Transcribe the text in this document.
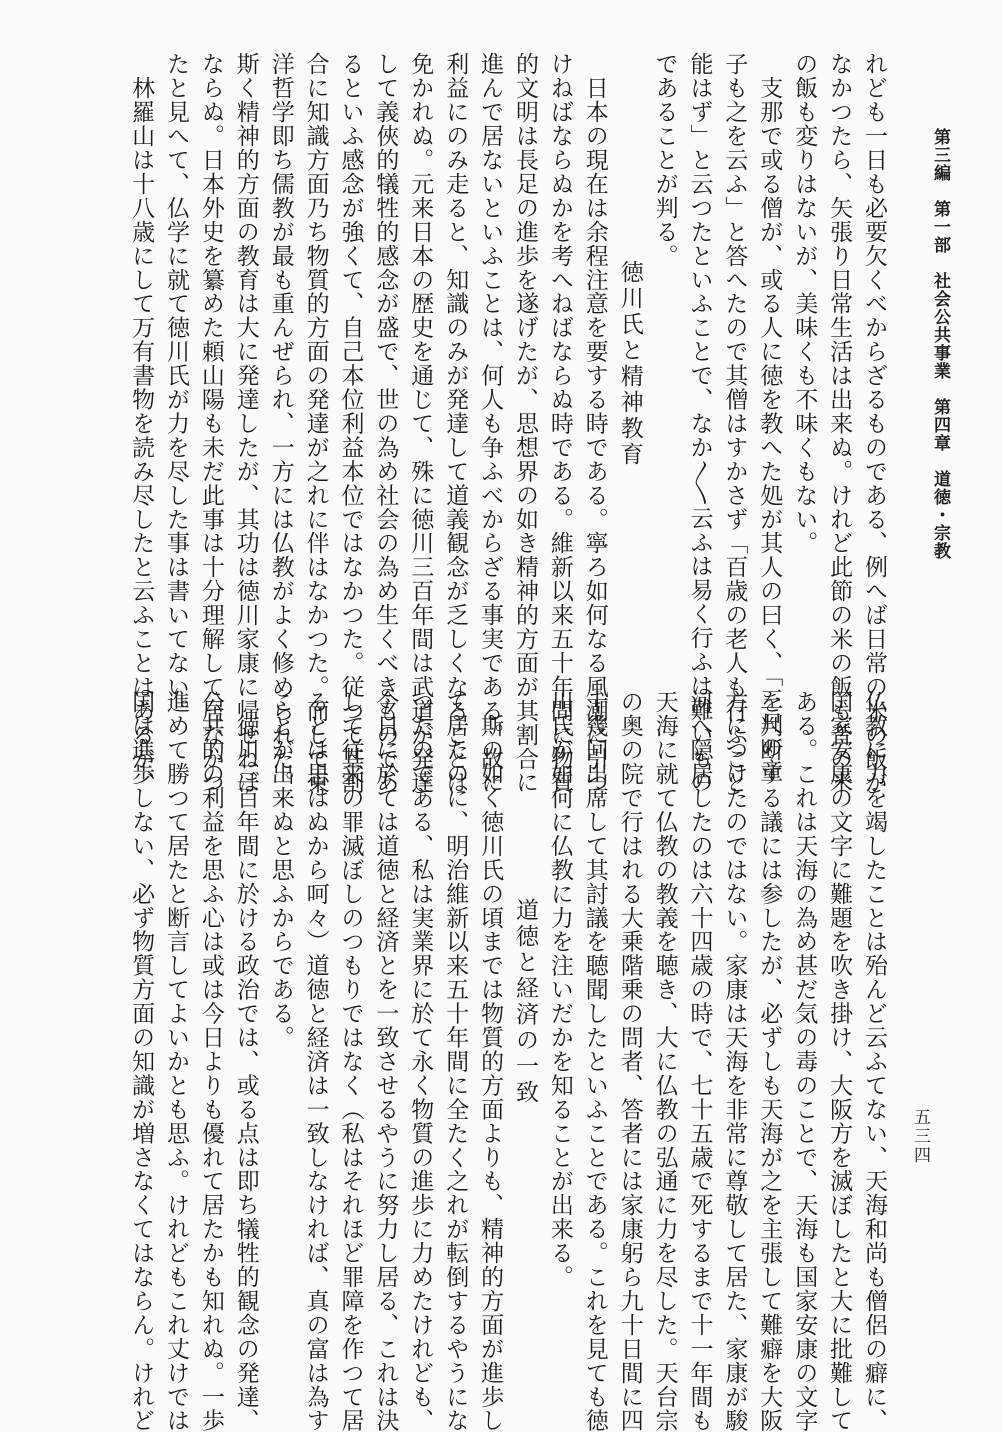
第三編　第一部　社会公共事業　第四章　道徳・宗教
五三四
れども一日も必要欠くべからざるものである、例へば日常の米の飯が
なかつたら、矢張り日常生活は出来ぬ。けれど此節の米の飯も昔の米
の飯も変りはないが、美味くも不味くもない。
　支那で或る僧が、或る人に徳を教へた処が其人の曰く、「三尺の童
子も之を云ふ」と答へたので其僧はすかさず「百歳の老人も行ふこと
能はず」と云つたといふことで、なか〳〵云ふは易く行ふは難いもの
であることが判る。
　　　　　　　　徳川氏と精神教育
　日本の現在は余程注意を要する時である。寧ろ如何なる風潮に引つ
けねばならぬかを考へねばならぬ時である。維新以来五十年間に物質
的文明は長足の進歩を遂げたが、思想界の如き精神的方面が其割合に
進んで居ないといふことは、何人も争ふべからざる事実である。故に
利益にのみ走ると、知識のみが発達して道義観念が乏しくなることは
免かれぬ。元来日本の歴史を通じて、殊に徳川三百年間は武道が発達
して義俠的犠牲的感念が盛で、世の為め社会の為め生くべきものであ
るといふ感念が強くて、自己本位利益本位ではなかつた。従つて其割
合に知識方面乃ち物質的方面の発達が之れに伴はなかつた。而して東
洋哲学即ち儒教が最も重んぜられ、一方には仏教がよく修められた。
斯く精神的方面の教育は大に発達したが、其功は徳川家康に帰せねば
ならぬ。日本外史を纂めた頼山陽も未だ此事は十分理解して居なかつ
たと見へて、仏学に就て徳川氏が力を尽した事は書いてない。
　林羅山は十八歳にして万有書物を読み尽したと云ふことはあるが、
仏教に力を竭したことは殆んど云ふてない、天海和尚も僧侶の癖に、
国家安康の文字に難題を吹き掛け、大阪方を滅ぼしたと大に批難して
ある。これは天海の為め甚だ気の毒のことで、天海も国家安康の文字
を判断する議には参したが、必ずしも天海が之を主張して難癖を大阪
方につけたのではない。家康は天海を非常に尊敬して居た、家康が駿
河へ隠居したのは六十四歳の時で、七十五歳で死するまで十一年間も
天海に就て仏教の教義を聴き、大に仏教の弘通に力を尽した。天台宗
の奥の院で行はれる大乗階乗の問者、答者には家康躬ら九十日間に四
十幾回出席して其討議を聴聞したといふことである。これを見ても徳
川氏が如何に仏教に力を注いだかを知ることが出来る。
　　　　　　　　道徳と経済の一致
　斯の如く徳川氏の頃までは物質的方面よりも、精神的方面が進歩し
て居たのに、明治維新以来五十年間に全たく之れが転倒するやうにな
つたのである、私は実業界に於て永く物質の進歩に力めたけれども、
今日に於ては道徳と経済とを一致させるやうに努力し居る、これは決
して従来の罪滅ぼしのつもりではなく（私はそれほど罪障を作つて居
るとは思はぬから呵々）道徳と経済は一致しなければ、真の富は為す
ことが出来ぬと思ふからである。
　徳川三百年間に於ける政治では、或る点は即ち犠牲的観念の発達、
公共的の利益を思ふ心は或は今日よりも優れて居たかも知れぬ。一歩
進めて勝つて居たと断言してよいかとも思ふ。けれどもこれ丈けでは
国は進歩しない、必ず物質方面の知識が増さなくてはならん。けれど
